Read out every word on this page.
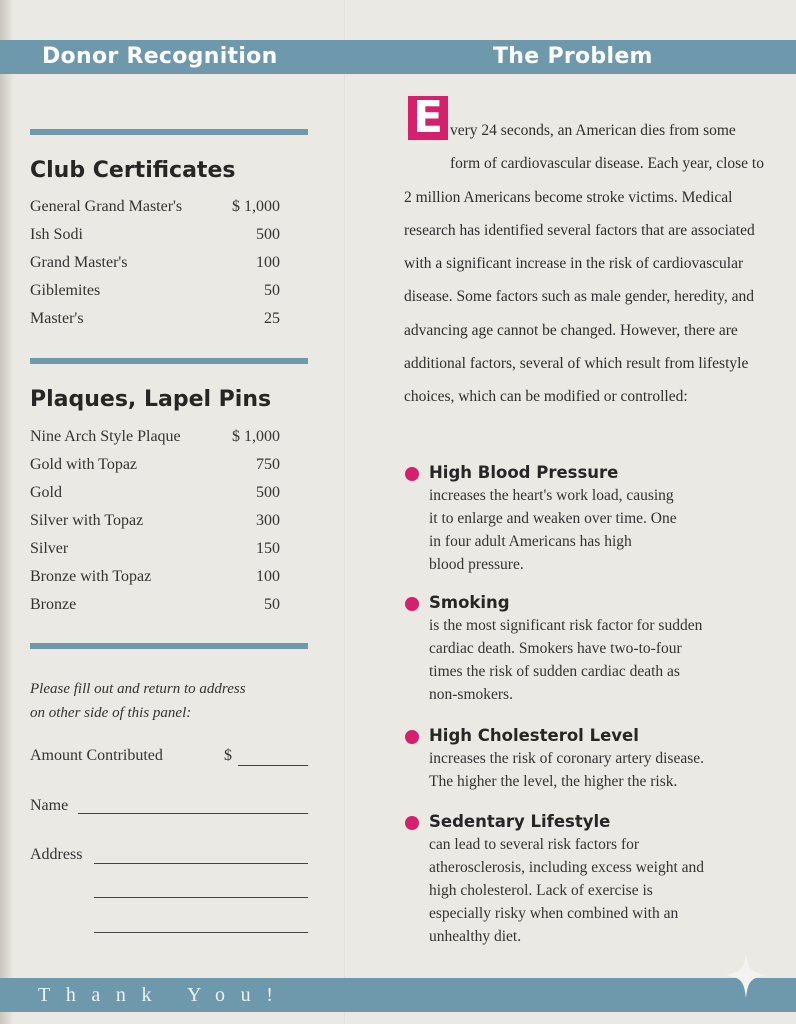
Donor Recognition	The Problem
Club Certificates
General Grand Master's	$ 1,000
Ish Sodi	500
Grand Master's	100
Giblemites	50
Master's	25
Plaques, Lapel Pins
Nine Arch Style Plaque	$ 1,000
Gold with Topaz	750
Gold	500
Silver with Topaz	300
Silver	150
Bronze with Topaz	100
Bronze	50
Please fill out and return to address
on other side of this panel:
Amount Contributed	$
Name
Address
E very 24 seconds, an American dies from some form of cardiovascular disease. Each year, close to 2 million Americans become stroke victims. Medical research has identified several factors that are associated with a significant increase in the risk of cardiovascular disease. Some factors such as male gender, heredity, and advancing age cannot be changed. However, there are additional factors, several of which result from lifestyle choices, which can be modified or controlled:
High Blood Pressure
increases the heart's work load, causing
it to enlarge and weaken over time. One
in four adult Americans has high
blood pressure.
Smoking
is the most significant risk factor for sudden
cardiac death. Smokers have two-to-four
times the risk of sudden cardiac death as
non-smokers.
High Cholesterol Level
increases the risk of coronary artery disease.
The higher the level, the higher the risk.
Sedentary Lifestyle
can lead to several risk factors for
atherosclerosis, including excess weight and
high cholesterol. Lack of exercise is
especially risky when combined with an
unhealthy diet.
Thank You!
